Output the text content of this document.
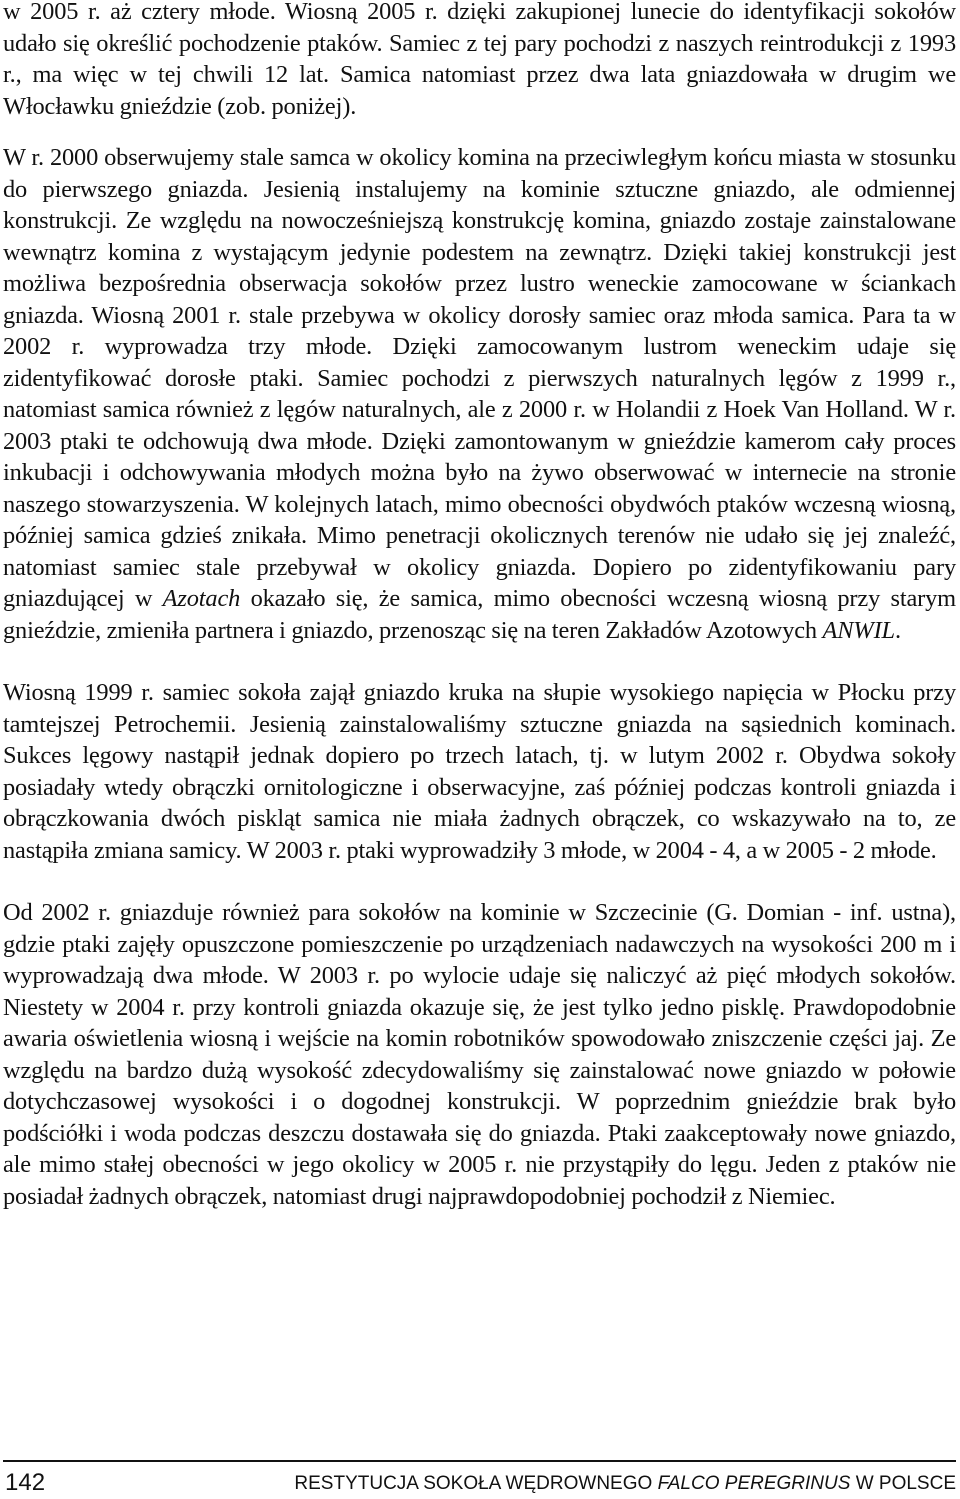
w 2005 r. aż cztery młode. Wiosną 2005 r. dzięki zakupionej lunecie do identyfikacji sokołów udało się określić pochodzenie ptaków. Samiec z tej pary pochodzi z naszych reintrodukcji z 1993 r., ma więc w tej chwili 12 lat. Samica natomiast przez dwa lata gniazdowała w drugim we Włocławku gnieździe (zob. poniżej).

W r. 2000 obserwujemy stale samca w okolicy komina na przeciwległym końcu miasta w stosunku do pierwszego gniazda. Jesienią instalujemy na kominie sztuczne gniazdo, ale odmiennej konstrukcji. Ze względu na nowocześniejszą konstrukcję komina, gniazdo zostaje zainstalowane wewnątrz komina z wystającym jedynie podestem na zewnątrz. Dzięki takiej konstrukcji jest możliwa bezpośrednia obserwacja sokołów przez lustro weneckie zamocowane w ściankach gniazda. Wiosną 2001 r. stale przebywa w okolicy dorosły samiec oraz młoda samica. Para ta w 2002 r. wyprowadza trzy młode. Dzięki zamocowanym lustrom weneckim udaje się zidentyfikować dorosłe ptaki. Samiec pochodzi z pierwszych naturalnych lęgów z 1999 r., natomiast samica również z lęgów naturalnych, ale z 2000 r. w Holandii z Hoek Van Holland. W r. 2003 ptaki te odchowują dwa młode. Dzięki zamontowanym w gnieździe kamerom cały proces inkubacji i odchowywania młodych można było na żywo obserwować w internecie na stronie naszego stowarzyszenia. W kolejnych latach, mimo obecności obydwóch ptaków wczesną wiosną, później samica gdzieś znikała. Mimo penetracji okolicznych terenów nie udało się jej znaleźć, natomiast samiec stale przebywał w okolicy gniazda. Dopiero po zidentyfikowaniu pary gniazdującej w Azotach okazało się, że samica, mimo obecności wczesną wiosną przy starym gnieździe, zmieniła partnera i gniazdo, przenosząc się na teren Zakładów Azotowych ANWIL.

Wiosną 1999 r. samiec sokoła zajął gniazdo kruka na słupie wysokiego napięcia w Płocku przy tamtejszej Petrochemii. Jesienią zainstalowaliśmy sztuczne gniazda na sąsiednich kominach. Sukces lęgowy nastąpił jednak dopiero po trzech latach, tj. w lutym 2002 r. Obydwa sokoły posiadały wtedy obrączki ornitologiczne i obserwacyjne, zaś później podczas kontroli gniazda i obrączkowania dwóch piskląt samica nie miała żadnych obrączek, co wskazywało na to, ze nastąpiła zmiana samicy. W 2003 r. ptaki wyprowadziły 3 młode, w 2004 - 4, a w 2005 - 2 młode.

Od 2002 r. gniazduje również para sokołów na kominie w Szczecinie (G. Domian - inf. ustna), gdzie ptaki zajęły opuszczone pomieszczenie po urządzeniach nadawczych na wysokości 200 m i wyprowadzają dwa młode. W 2003 r. po wylocie udaje się naliczyć aż pięć młodych sokołów. Niestety w 2004 r. przy kontroli gniazda okazuje się, że jest tylko jedno pisklę. Prawdopodobnie awaria oświetlenia wiosną i wejście na komin robotników spowodowało zniszczenie części jaj. Ze względu na bardzo dużą wysokość zdecydowaliśmy się zainstalować nowe gniazdo w połowie dotychczasowej wysokości i o dogodnej konstrukcji. W poprzednim gnieździe brak było podściółki i woda podczas deszczu dostawała się do gniazda. Ptaki zaakceptowały nowe gniazdo, ale mimo stałej obecności w jego okolicy w 2005 r. nie przystąpiły do lęgu. Jeden z ptaków nie posiadał żadnych obrączek, natomiast drugi najprawdopodobniej pochodził z Niemiec.

142	RESTYTUCJA SOKOŁA WĘDROWNEGO FALCO PEREGRINUS W POLSCE
